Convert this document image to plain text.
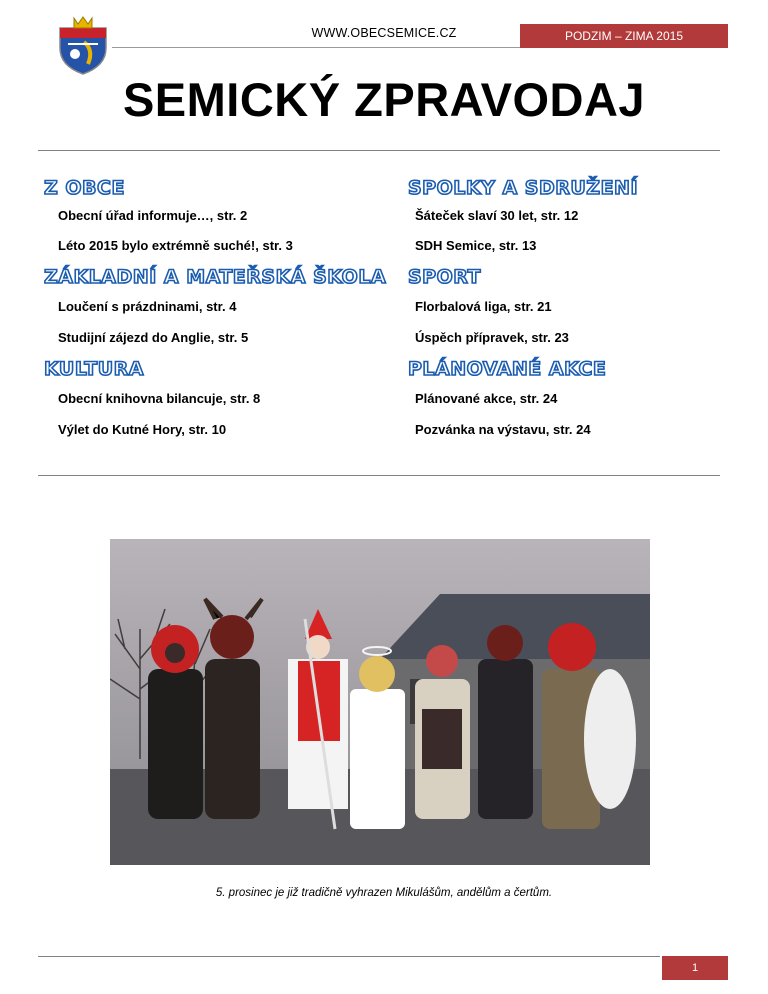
WWW.OBECSEMICE.CZ	PODZIM – ZIMA 2015
SEMICKÝ ZPRAVODAJ
Z OBCE
Obecní úřad informuje…, str. 2
Léto 2015 bylo extrémně suché!, str. 3
ZÁKLADNÍ A MATEŘSKÁ ŠKOLA
Loučení s prázdninami, str. 4
Studijní zájezd do Anglie, str. 5
KULTURA
Obecní knihovna bilancuje, str. 8
Výlet do Kutné Hory, str. 10
SPOLKY A SDRUŽENÍ
Šáteček slaví 30 let, str. 12
SDH Semice, str. 13
SPORT
Florbalová liga, str. 21
Úspěch přípravek, str. 23
PLÁNOVANÉ AKCE
Plánované akce, str. 24
Pozvánka na výstavu, str. 24
5. prosinec je již tradičně vyhrazen Mikulášům, andělům a čertům.
1
